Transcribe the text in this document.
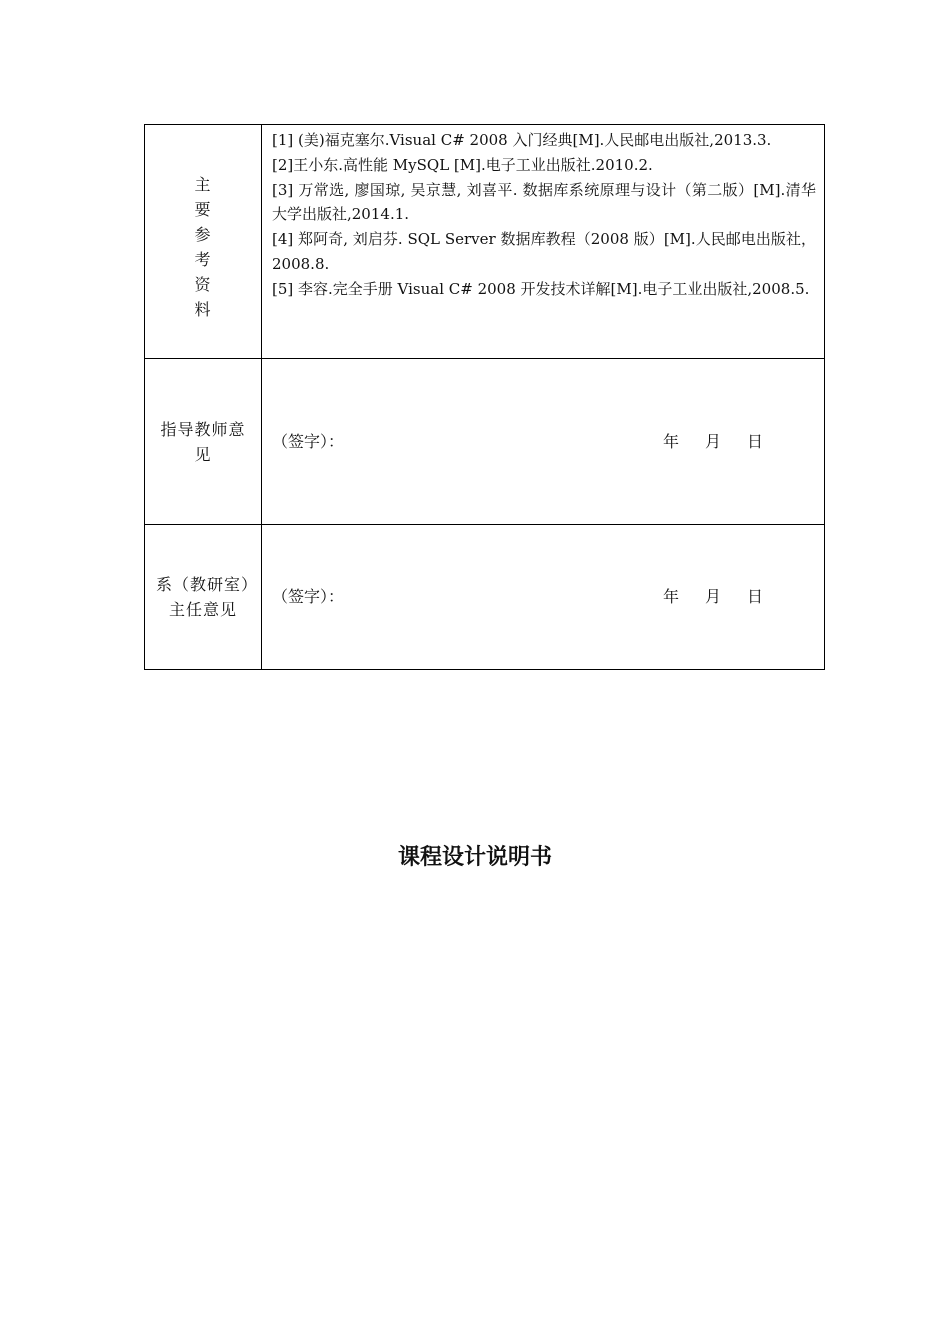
主要参考资料	[1] (美)福克塞尔.Visual C# 2008 入门经典[M].人民邮电出版社,2013.3.
[2]王小东.高性能 MySQL [M].电子工业出版社.2010.2.
[3] 万常选, 廖国琼, 吴京慧, 刘喜平. 数据库系统原理与设计（第二版）[M].清华大学出版社,2014.1.
[4] 郑阿奇, 刘启芬. SQL Server 数据库教程（2008 版）[M].人民邮电出版社，2008.8.
[5] 李容.完全手册 Visual C# 2008 开发技术详解[M].电子工业出版社,2008.5.

指导教师意见	（签字）： 年 月 日

系（教研室）主任意见	（签字）： 年 月 日
课程设计说明书
